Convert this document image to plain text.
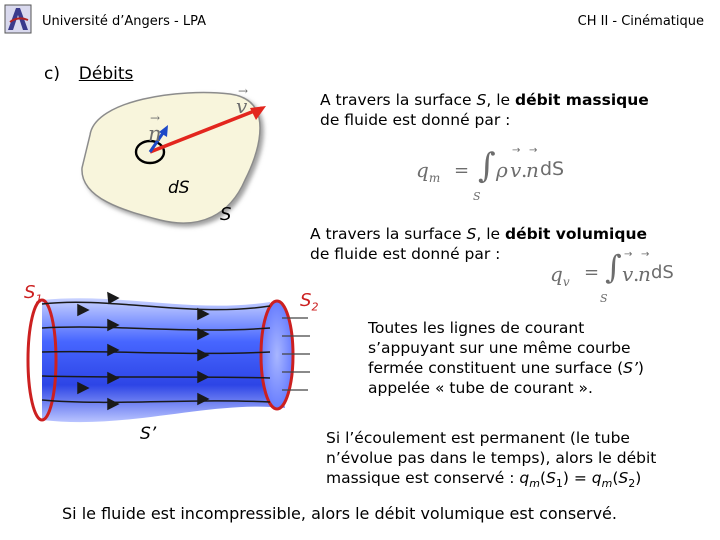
Université d’Angers - LPA	CH II - Cinématique
c) Débits
→
v
→
n
dS
S
A travers la surface S, le débit massique
de fluide est donné par :
$q_m$ = ∫
S
ρ
→
v .
→
n dS
A travers la surface S, le débit volumique
de fluide est donné par :
$q_v$ = ∫
S
→
v .
→
n dS
$S_1$	$S_2$
S’
Toutes les lignes de courant
s’appuyant sur une même courbe
fermée constituent une surface (S’)
appelée « tube de courant ».
Si l’écoulement est permanent (le tube
n’évolue pas dans le temps), alors le débit
massique est conservé : $q_m(S_1) = q_m(S_2)$
Si le fluide est incompressible, alors le débit volumique est conservé.
